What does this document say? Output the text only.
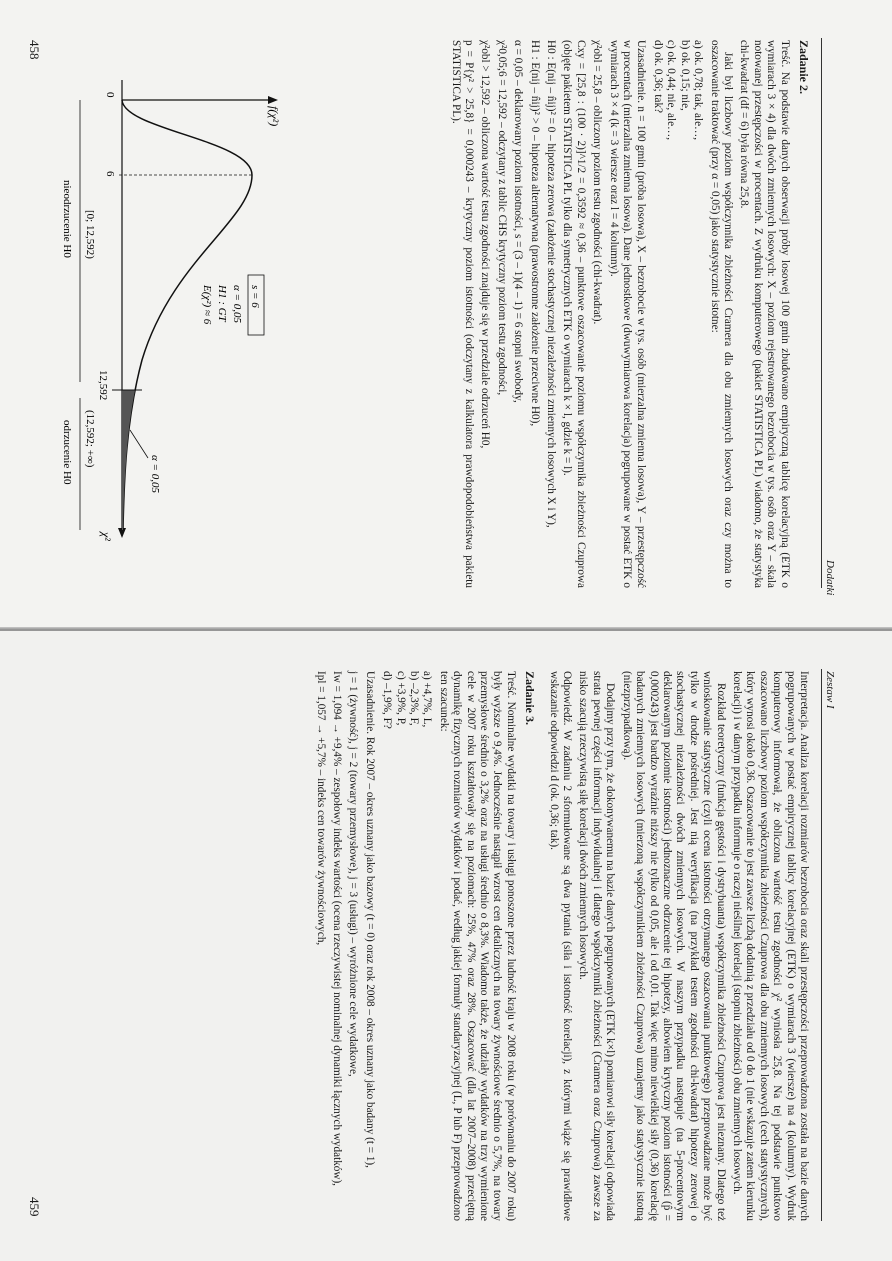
Dodatki
Zadanie 2.

Treść. Na podstawie danych obserwacji próby losowej 100 gmin zbudowano empiryczną tablicę korelacyjną (ETK o wymiarach 3 × 4) dla dwóch zmiennych losowych: X – poziom rejestrowanego bezrobocia w tys. osób oraz Y – skala notowanej przestępczości w procentach. Z wydruku komputerowego (pakiet STATISTICA PL) wiadomo, że statystyka chi-kwadrat (df = 6) była równa 25,8.

Jaki był liczbowy poziom współczynnika zbieżności Cramera dla obu zmiennych losowych oraz czy można to oszacowanie traktować (przy α = 0,05) jako statystycznie istotne:

a) ok. 0,78; tak, ale…,
b) ok. 0,15; nie,
c) ok. 0,44; nie, ale…,
d) ok. 0,36; tak?

Uzasadnienie. n = 100 gmin (próba losowa), X – bezrobocie w tys. osób (mierzalna zmienna losowa), Y – przestępczość w procentach (mierzalna zmienna losowa). Dane jednostkowe (dwuwymiarowa korelacja) pogrupowane w postać ETK o wymiarach 3 × 4 (k = 3 wiersze oraz l = 4 kolumny).

χ²obl = 25,8 – obliczony poziom testu zgodności (chi-kwadrat).

Cxy = [25,8 : (100 · 2)]^1/2 = 0,3592 ≈ 0,36 – punktowe oszacowanie poziomu współczynnika zbieżności Czuprowa (objęte pakietem STATISTICA PL tylko dla symetrycznych ETK o wymiarach k × l, gdzie k = l).

H0 : E(nij – n̂ij)² = 0 – hipoteza zerowa (założenie stochastycznej niezależności zmiennych losowych X i Y),

H1 : E(nij – n̂ij)² > 0 – hipoteza alternatywna (prawostronne założenie przeciwne H0),

α = 0,05 – deklarowany poziom istotności, s = (3 – 1)(4 – 1) = 6 stopni swobody,

χ²0,05;6 = 12,592 – odczytany z tablic CHS krytyczny poziom testu zgodności,

χ²obl > 12,592 – obliczona wartość testu zgodności znajduje się w przedziale odrzuceń H0,

p = P{χ² > 25,8} = 0,000243 – krytyczny poziom istotności (odczytany z kalkulatora prawdopodobieństwa pakietu STATISTICA PL).

f(χ²)
χ²
0
6
12,592
α = 0,05
s = 6
α = 0,05
H1 : GT
E(χ²) ≈ 6
[0; 12,592)
(12,592; +∞)
nieodrzucenie H0
odrzucenie H0
458
Zestaw I

Interpretacja. Analiza korelacji rozmiarów bezrobocia oraz skali przestępczości przeprowadzona została na bazie danych pogrupowanych w postać empirycznej tablicy korelacyjnej (ETK) o wymiarach 3 (wiersze) na 4 (kolumny). Wydruk komputerowy informował, że obliczona wartość testu zgodności χ² wyniosła 25,8. Na tej podstawie punktowo oszacowano liczbowy poziom współczynnika zbieżności Czuprowa dla obu zmiennych losowych (cech statystycznych), który wynosi około 0,36. Oszacowanie to jest zawsze liczbą dodatnią z przedziału od 0 do 1 (nie wskazuje zatem kierunku korelacji) i w danym przypadku informuje o raczej nieśilnej korelacji (stopniu zbieżności) obu zmiennych losowych.

Rozkład teoretyczny (funkcja gęstości i dystrybuanta) współczynnika zbieżności Czuprowa jest nieznany. Dlatego też wnioskowanie statystyczne (czyli ocena istotności otrzymanego oszacowania punktowego) przeprowadzane może być tylko w drodze pośredniej. Jest nią weryfikacja (na przykład testem zgodności chi-kwadrat) hipotezy zerowej o stochastycznej niezależności dwóch zmiennych losowych. W naszym przypadku następuje (na 5-procentowym deklarowanym poziomie istotności) jednoznaczne odrzucenie tej hipotezy, albowiem krytyczny poziom istotności (p̂ = 0,000243) jest bardzo wyraźnie niższy nie tylko od 0,05, ale i od 0,01. Tak więc mimo niewielkiej siły (0,36) korelację badanych zmiennych losowych (mierzoną współczynnikiem zbieżności Czuprowa) uznajemy jako statystycznie istotną (niezprzypadkową).

Dodajmy przy tym, że dokonywanemu na bazie danych pogrupowanych (ETK k×l) pomiarowi siły korelacji odpowiada strata pewnej części informacji indywidualnej i dlatego współczynniki zbieżności (Cramera oraz Czuprowa) zawsze za nisko szacują rzeczywistą siłę korelacji dwóch zmiennych losowych.

Odpowiedź. W zadaniu 2 sformułowane są dwa pytania (siła i istotność korelacji), z którymi wiąże się prawidłowe wskazanie odpowiedzi d (ok. 0,36; tak).

Zadanie 3.

Treść. Nominalne wydatki na towary i usługi ponoszone przez ludność kraju w 2008 roku (w porównaniu do 2007 roku) były wyższe o 9,4%. Jednocześnie nastąpił wzrost cen detalicznych na towary żywnościowe średnio o 5,7%, na towary przemysłowe średnio o 3,2% oraz na usługi średnio o 8,3%. Wiadomo także, że udziały wydatków na trzy wymienione cele w 2007 roku kształtowały się na poziomach: 25%, 47% oraz 28%. Oszacować (dla lat 2007–2008) przeciętną dynamikę fizycznych rozmiarów wydatków i podać, według jakiej formuły standaryzacyjnej (L, P lub F) przeprowadzono ten szacunek:

a) +4,7%, L,
b) –2,3%, F,
c) +3,9%, P,
d) –1,9%, F?

Uzasadnienie. Rok 2007 – okres uznany jako bazowy (t = 0) oraz rok 2008 – okres uznany jako badany (t = 1),

j = 1 (żywność), j = 2 (towary przemysłowe), j = 3 (usługi) – wyróżnione cele wydatkowe,

Iw = 1,094 → +9,4% – zespołowy indeks wartości (ocena rzeczywistej nominalnej dynamiki łącznych wydatków),

Ipl = 1,057 → +5,7% – indeks cen towarów żywnościowych,

459
